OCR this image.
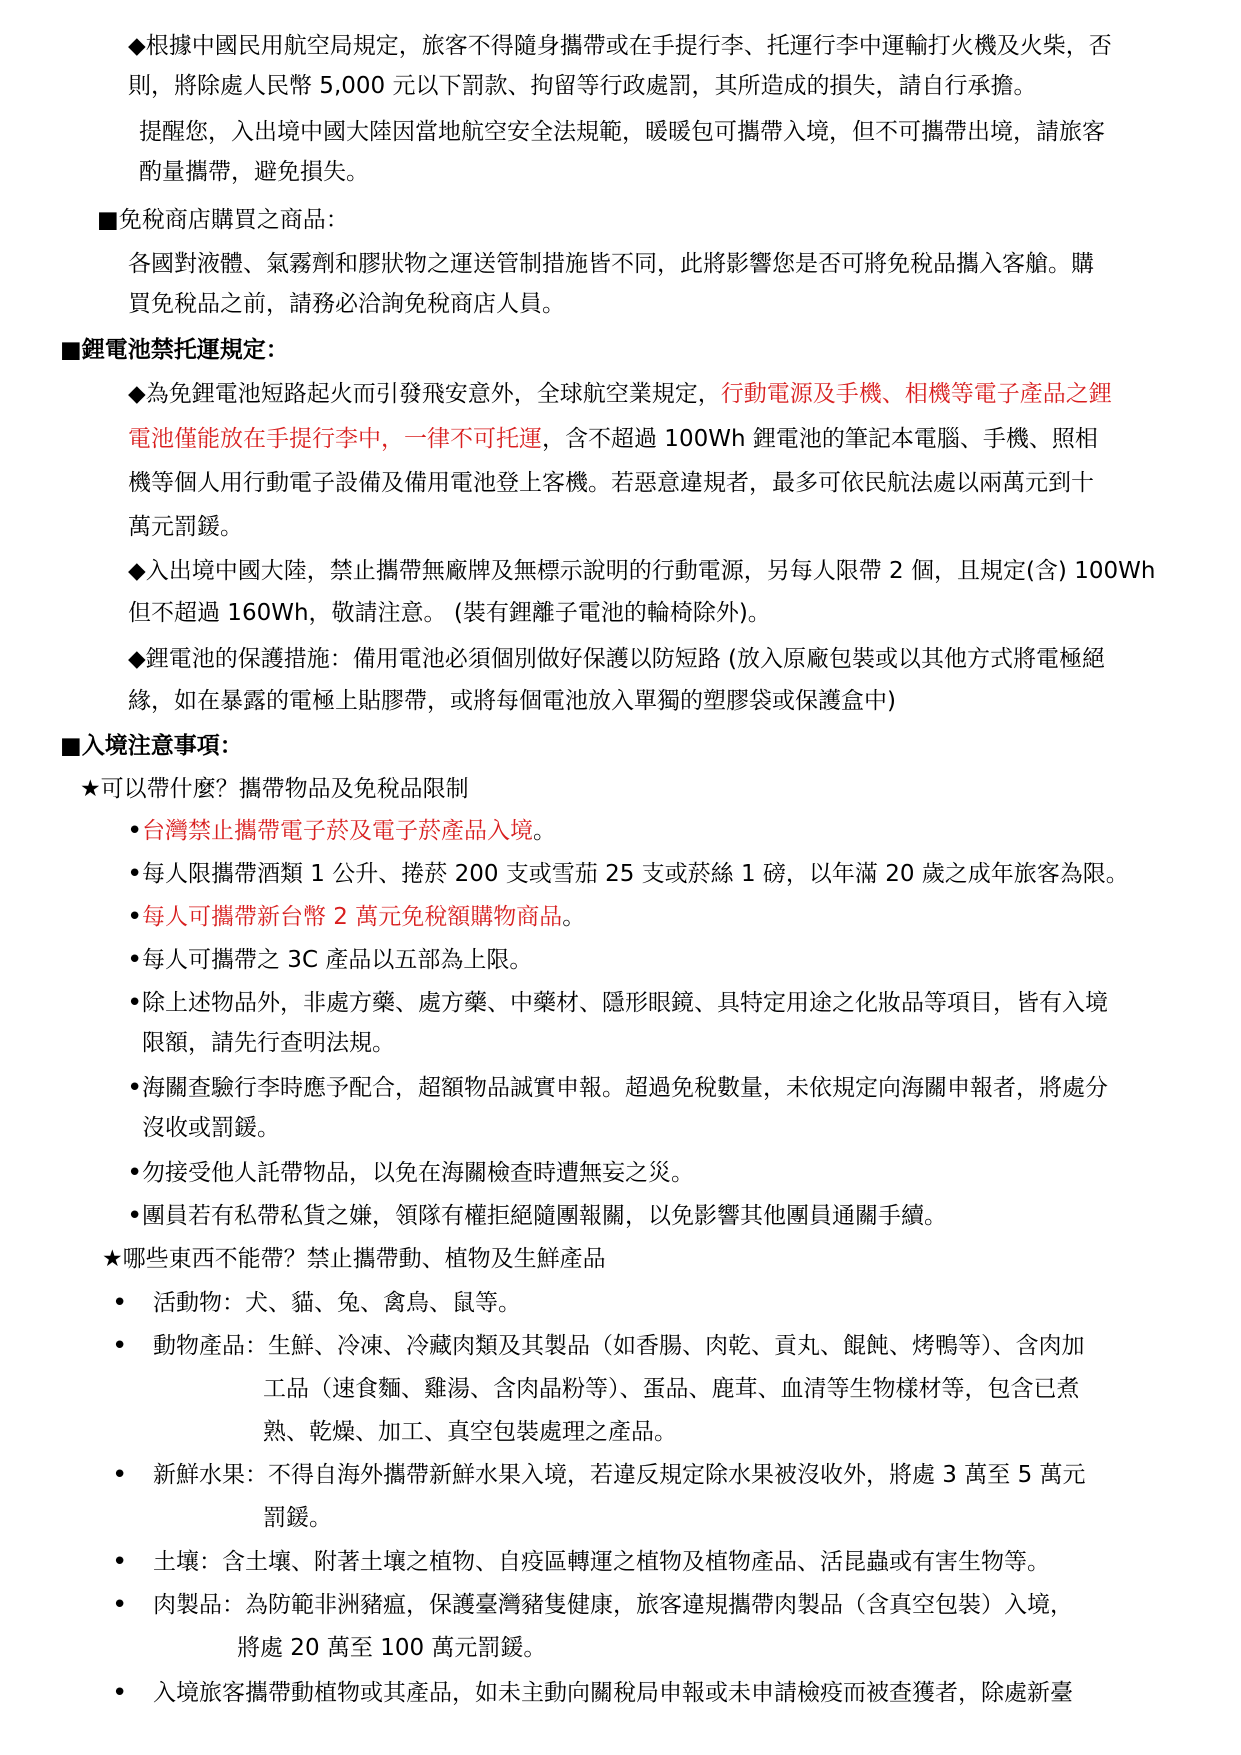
◆根據中國民用航空局規定，旅客不得隨身攜帶或在手提行李、托運行李中運輸打火機及火柴，否
則，將除處人民幣 5,000 元以下罰款、拘留等行政處罰，其所造成的損失，請自行承擔。
提醒您，入出境中國大陸因當地航空安全法規範，暖暖包可攜帶入境，但不可攜帶出境，請旅客
酌量攜帶，避免損失。
■免稅商店購買之商品：
各國對液體、氣霧劑和膠狀物之運送管制措施皆不同，此將影響您是否可將免稅品攜入客艙。購
買免稅品之前，請務必洽詢免稅商店人員。
■鋰電池禁托運規定：
◆為免鋰電池短路起火而引發飛安意外，全球航空業規定，行動電源及手機、相機等電子產品之鋰
電池僅能放在手提行李中，一律不可托運，含不超過 100Wh 鋰電池的筆記本電腦、手機、照相
機等個人用行動電子設備及備用電池登上客機。若惡意違規者，最多可依民航法處以兩萬元到十
萬元罰鍰。
◆入出境中國大陸，禁止攜帶無廠牌及無標示說明的行動電源，另每人限帶 2 個，且規定(含) 100Wh
但不超過 160Wh，敬請注意。 (裝有鋰離子電池的輪椅除外)。
◆鋰電池的保護措施：備用電池必須個別做好保護以防短路 (放入原廠包裝或以其他方式將電極絕
緣，如在暴露的電極上貼膠帶，或將每個電池放入單獨的塑膠袋或保護盒中)
■入境注意事項：
★可以帶什麼？攜帶物品及免稅品限制
• 台灣禁止攜帶電子菸及電子菸產品入境。
• 每人限攜帶酒類 1 公升、捲菸 200 支或雪茄 25 支或菸絲 1 磅，以年滿 20 歲之成年旅客為限。
• 每人可攜帶新台幣 2 萬元免稅額購物商品。
• 每人可攜帶之 3C 產品以五部為上限。
• 除上述物品外，非處方藥、處方藥、中藥材、隱形眼鏡、具特定用途之化妝品等項目，皆有入境
限額，請先行查明法規。
• 海關查驗行李時應予配合，超額物品誠實申報。超過免稅數量，未依規定向海關申報者，將處分
沒收或罰鍰。
• 勿接受他人託帶物品，以免在海關檢查時遭無妄之災。
• 團員若有私帶私貨之嫌，領隊有權拒絕隨團報關，以免影響其他團員通關手續。
★哪些東西不能帶？禁止攜帶動、植物及生鮮產品
• 活動物：犬、貓、兔、禽鳥、鼠等。
• 動物產品：生鮮、冷凍、冷藏肉類及其製品（如香腸、肉乾、貢丸、餛飩、烤鴨等）、含肉加
工品（速食麵、雞湯、含肉晶粉等）、蛋品、鹿茸、血清等生物樣材等，包含已煮
熟、乾燥、加工、真空包裝處理之產品。
• 新鮮水果：不得自海外攜帶新鮮水果入境，若違反規定除水果被沒收外，將處 3 萬至 5 萬元
罰鍰。
• 土壤：含土壤、附著土壤之植物、自疫區轉運之植物及植物產品、活昆蟲或有害生物等。
• 肉製品：為防範非洲豬瘟，保護臺灣豬隻健康，旅客違規攜帶肉製品（含真空包裝）入境，
將處 20 萬至 100 萬元罰鍰。
• 入境旅客攜帶動植物或其產品，如未主動向關稅局申報或未申請檢疫而被查獲者，除處新臺
